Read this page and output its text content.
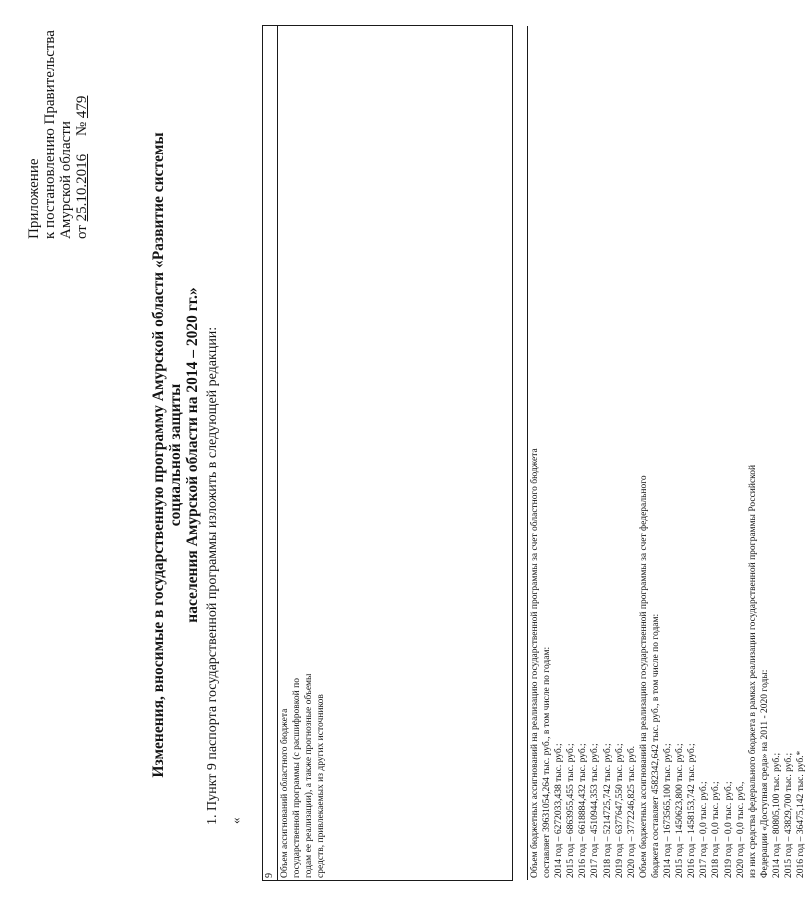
Приложение к постановлению Правительства Амурской области от 25.10.2016 № 479
Изменения, вносимые в государственную программу Амурской области «Развитие системы социальной защиты населения Амурской области на 2014 – 2020 гг.» 1. Пункт 9 паспорта государственной программы изложить в следующей редакции: «
9 Объем ассигнований областного бюджета государственной программы (с расшифровкой по годам ее реализации), а также прогнозные объемы средств, привлекаемых из других источников	Объем бюджетных ассигнований на реализацию государственной программы за счет областного бюджета составляет 39631054,264 тыс. руб., в том числе по годам: 2014 год – 6272033,438 тыс. руб.; 2015 год – 6863955,455 тыс. руб.; 2016 год – 6618884,432 тыс. руб.; 2017 год – 4510944,353 тыс. руб.; 2018 год – 5214725,742 тыс. руб.; 2019 год – 6377647,550 тыс. руб.; 2020 год – 3772246,825 тыс. руб. Объем бюджетных ассигнований на реализацию государственной программы за счет федерального бюджета составляет 4582342,642 тыс. руб., в том числе по годам: 2014 год – 1673565,100 тыс. руб.; 2015 год – 1450623,800 тыс. руб.; 2016 год – 1458153,742 тыс. руб.; 2017 год – 0,0 тыс. руб.; 2018 год – 0,0 тыс. руб.; 2019 год – 0,0 тыс. руб.; 2020 год – 0,0 тыс. руб., из них средства федерального бюджета в рамках реализации государственной программы Российской Федерации «Доступная среда» на 2011 - 2020 годы: 2014 год – 80805,100 тыс. руб.; 2015 год – 43829,700 тыс. руб.; 2016 год – 36475,142 тыс. руб.*
